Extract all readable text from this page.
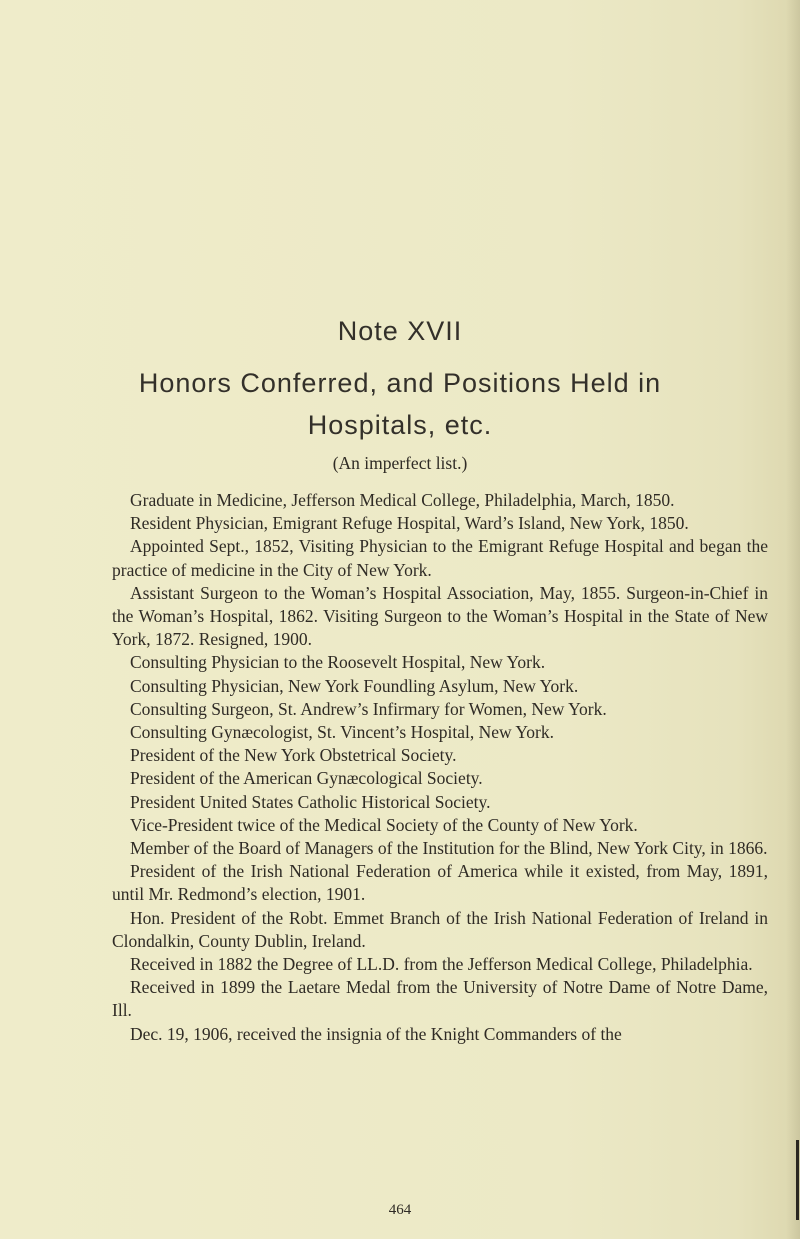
Note XVII
Honors Conferred, and Positions Held in
Hospitals, etc.
(An imperfect list.)

Graduate in Medicine, Jefferson Medical College, Philadelphia, March, 1850.

Resident Physician, Emigrant Refuge Hospital, Ward’s Island, New York, 1850.

Appointed Sept., 1852, Visiting Physician to the Emigrant Refuge Hospital and began the practice of medicine in the City of New York.

Assistant Surgeon to the Woman’s Hospital Association, May, 1855. Surgeon-in-Chief in the Woman’s Hospital, 1862. Visiting Surgeon to the Woman’s Hospital in the State of New York, 1872. Resigned, 1900.

Consulting Physician to the Roosevelt Hospital, New York.

Consulting Physician, New York Foundling Asylum, New York.

Consulting Surgeon, St. Andrew’s Infirmary for Women, New York.

Consulting Gynæcologist, St. Vincent’s Hospital, New York.

President of the New York Obstetrical Society.

President of the American Gynæcological Society.

President United States Catholic Historical Society.

Vice-President twice of the Medical Society of the County of New York.

Member of the Board of Managers of the Institution for the Blind, New York City, in 1866.

President of the Irish National Federation of America while it existed, from May, 1891, until Mr. Redmond’s election, 1901.

Hon. President of the Robt. Emmet Branch of the Irish National Federation of Ireland in Clondalkin, County Dublin, Ireland.

Received in 1882 the Degree of LL.D. from the Jefferson Medical College, Philadelphia.

Received in 1899 the Laetare Medal from the University of Notre Dame of Notre Dame, Ill.

Dec. 19, 1906, received the insignia of the Knight Commanders of the

464
